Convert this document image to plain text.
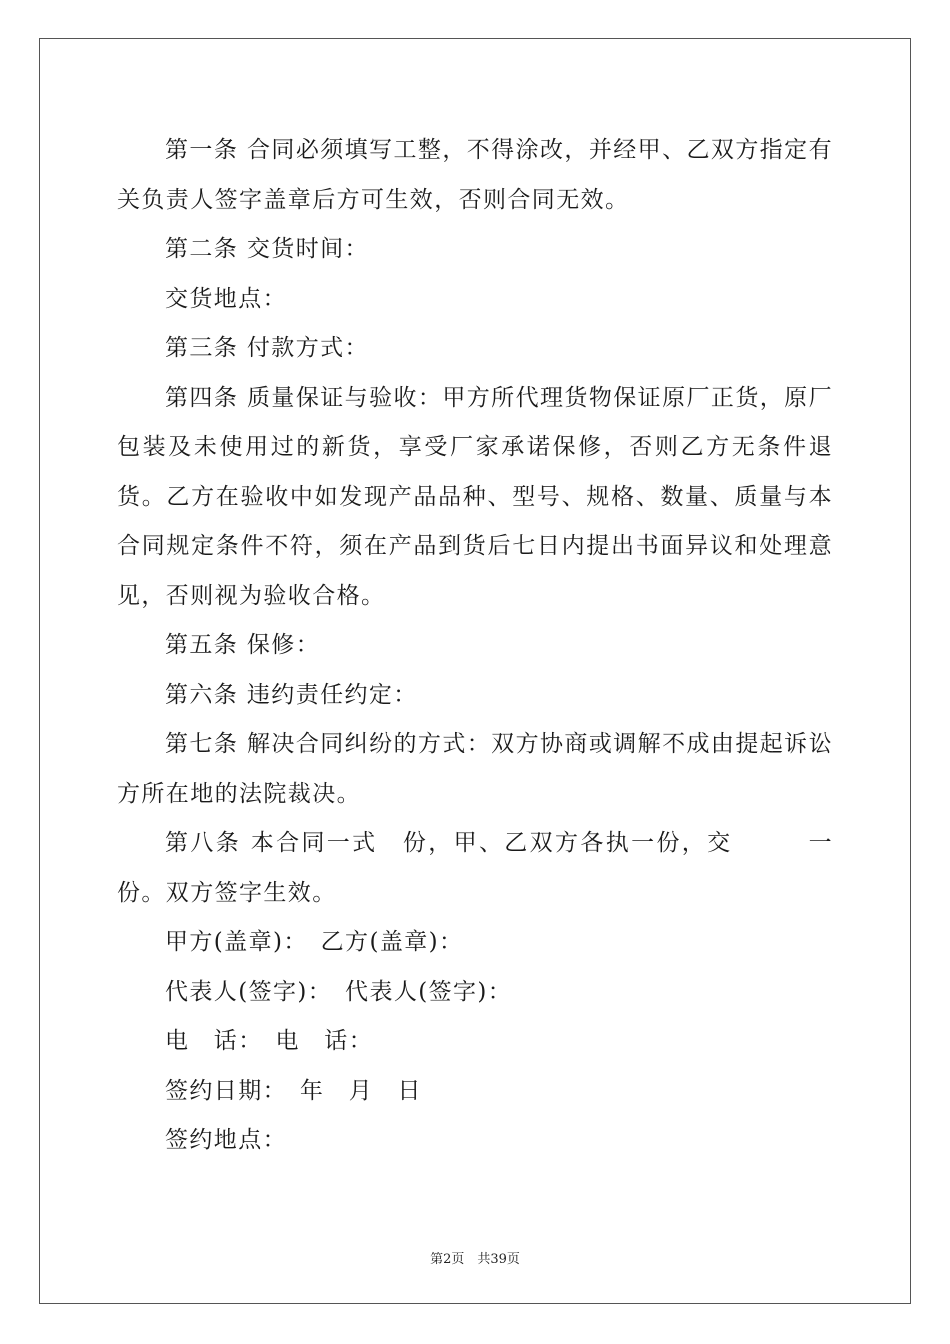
第一条 合同必须填写工整，不得涂改，并经甲、乙双方指定有关负责人签字盖章后方可生效，否则合同无效。

第二条 交货时间：

交货地点：

第三条 付款方式：

第四条 质量保证与验收：甲方所代理货物保证原厂正货，原厂包装及未使用过的新货，享受厂家承诺保修，否则乙方无条件退货。乙方在验收中如发现产品品种、型号、规格、数量、质量与本合同规定条件不符，须在产品到货后七日内提出书面异议和处理意见，否则视为验收合格。

第五条 保修：

第六条 违约责任约定：

第七条 解决合同纠纷的方式：双方协商或调解不成由提起诉讼方所在地的法院裁决。

第八条 本合同一式　份，甲、乙双方各执一份，交　　　一份。双方签字生效。

甲方(盖章)：　乙方(盖章)：

代表人(签字)：　代表人(签字)：

电　话：　电　话：

签约日期：　年　月　日

签约地点：

第2页　共39页
